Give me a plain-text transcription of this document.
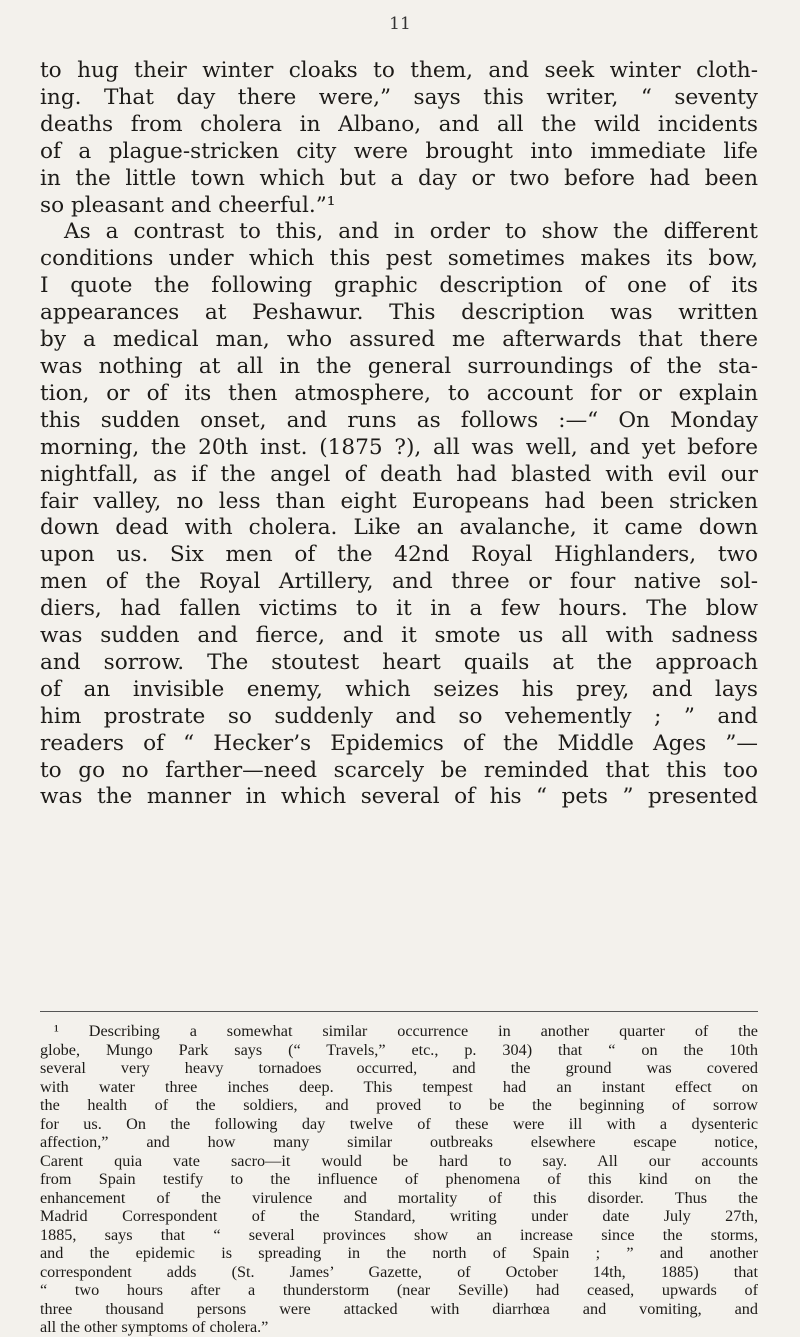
11
to hug their winter cloaks to them, and seek winter cloth-
ing. That day there were,” says this writer, “ seventy
deaths from cholera in Albano, and all the wild incidents
of a plague-stricken city were brought into immediate life
in the little town which but a day or two before had been
so pleasant and cheerful.”¹
As a contrast to this, and in order to show the different
conditions under which this pest sometimes makes its bow,
I quote the following graphic description of one of its
appearances at Peshawur. This description was written
by a medical man, who assured me afterwards that there
was nothing at all in the general surroundings of the sta-
tion, or of its then atmosphere, to account for or explain
this sudden onset, and runs as follows :—“ On Monday
morning, the 20th inst. (1875 ?), all was well, and yet before
nightfall, as if the angel of death had blasted with evil our
fair valley, no less than eight Europeans had been stricken
down dead with cholera. Like an avalanche, it came down
upon us. Six men of the 42nd Royal Highlanders, two
men of the Royal Artillery, and three or four native sol-
diers, had fallen victims to it in a few hours. The blow
was sudden and fierce, and it smote us all with sadness
and sorrow. The stoutest heart quails at the approach
of an invisible enemy, which seizes his prey, and lays
him prostrate so suddenly and so vehemently ; ” and
readers of “ Hecker’s Epidemics of the Middle Ages ”—
to go no farther—need scarcely be reminded that this too
was the manner in which several of his “ pets ” presented
¹ Describing a somewhat similar occurrence in another quarter of the
globe, Mungo Park says (“ Travels,” etc., p. 304) that “ on the 10th
several very heavy tornadoes occurred, and the ground was covered
with water three inches deep. This tempest had an instant effect on
the health of the soldiers, and proved to be the beginning of sorrow
for us. On the following day twelve of these were ill with a dysenteric
affection,” and how many similar outbreaks elsewhere escape notice,
Carent quia vate sacro—it would be hard to say. All our accounts
from Spain testify to the influence of phenomena of this kind on the
enhancement of the virulence and mortality of this disorder. Thus the
Madrid Correspondent of the Standard, writing under date July 27th,
1885, says that “ several provinces show an increase since the storms,
and the epidemic is spreading in the north of Spain ; ” and another
correspondent adds (St. James’ Gazette, of October 14th, 1885) that
“ two hours after a thunderstorm (near Seville) had ceased, upwards of
three thousand persons were attacked with diarrhœa and vomiting, and
all the other symptoms of cholera.”
